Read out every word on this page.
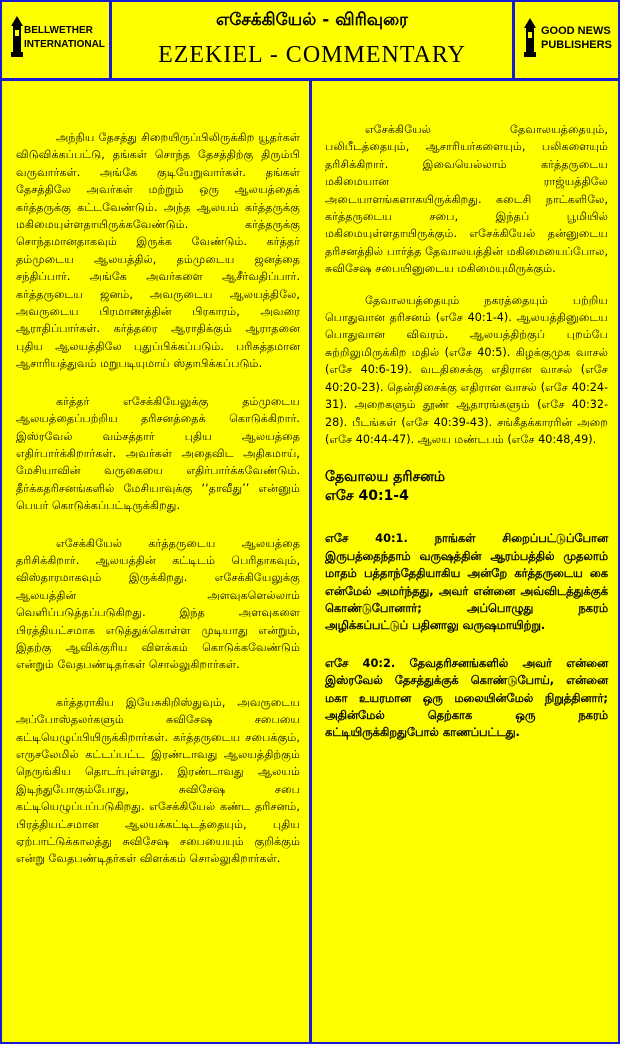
BELLWETHER
INTERNATIONAL
எசேக்கியேல் - விரிவுரை
EZEKIEL - COMMENTARY
GOOD NEWS
PUBLISHERS

அந்நிய தேசத்து சிறையிருப்பிலிருக்கிற யூதர்கள் விடுவிக்கப்பட்டு, தங்கள் சொந்த தேசத்திற்கு திரும்பி வருவார்கள். அங்கே குடியேறுவார்கள். தங்கள் தேசத்திலே அவர்கள் மற்றும் ஒரு ஆலயத்தைக் கர்த்தருக்கு கட்டவேண்டும். அந்த ஆலயம் கர்த்தருக்கு மகிமையுள்ளதாயிருக்கவேண்டும். கர்த்தருக்கு சொந்தமானதாகவும் இருக்க வேண்டும். கர்த்தர் தம்முடைய ஆலயத்தில், தம்முடைய ஜனத்தை சந்திப்பார். அங்கே அவர்களை ஆசீர்வதிப்பார். கர்த்தருடைய ஜனம், அவருடைய ஆலயத்திலே, அவருடைய பிரமாணத்தின் பிரகாரம், அவரை ஆராதிப்பார்கள். கர்த்தரை ஆராதிக்கும் ஆராதனை புதிய ஆலயத்திலே புதுப்பிக்கப்படும். பரிசுத்தமான ஆசாரியத்துவம் மறுபடியுமாய் ஸ்தாபிக்கப்படும்.

கர்த்தர் எசேக்கியேலுக்கு தம்முடைய ஆலயத்தைப்பற்றிய தரிசனத்தைக் கொடுக்கிறார். இஸ்ரவேல் வம்சத்தார் புதிய ஆலயத்தை எதிர்பார்க்கிறார்கள். அவர்கள் அதைவிட அதிகமாய், மேசியாவின் வருகையை எதிர்பார்க்கவேண்டும். தீர்க்கதரிசனங்களில் மேசியாவுக்கு ‘‘தாவீது’’ என்னும் பெயர் கொடுக்கப்பட்டிருக்கிறது.

எசேக்கியேல் கர்த்தருடைய ஆலயத்தை தரிசிக்கிறார். ஆலயத்தின் கட்டிடம் பெரிதாகவும், விஸ்தாரமாகவும் இருக்கிறது. எசேக்கியேலுக்கு ஆலயத்தின் அளவுகளெல்லாம் வெளிப்படுத்தப்படுகிறது. இந்த அளவுகளை பிரத்தியட்சமாக எடுத்துக்கொள்ள முடியாது என்றும், இதற்கு ஆவிக்குரிய விளக்கம் கொடுக்கவேண்டும் என்றும் வேதபண்டிதர்கள் சொல்லுகிறார்கள்.

கர்த்தராகிய இயேசுகிறிஸ்துவும், அவருடைய அப்போஸ்தலர்களும் சுவிசேஷ சபையை கட்டியெழுப்பியிருக்கிறார்கள். கர்த்தருடைய சபைக்கும், எருசலேமில் கட்டப்பட்ட இரண்டாவது ஆலயத்திற்கும் நெருங்கிய தொடர்புள்ளது. இரண்டாவது ஆலயம் இடிந்துபோகும்போது, சுவிசேஷ சபை கட்டியெழுப்பப்படுகிறது. எசேக்கியேல் கண்ட தரிசனம், பிரத்தியட்சமான ஆலயக்கட்டிடத்தையும், புதிய ஏற்பாட்டுக்காலத்து சுவிசேஷ சபையையும் குறிக்கும் என்று வேதபண்டிதர்கள் விளக்கம் சொல்லுகிறார்கள்.

எசேக்கியேல் தேவாலயத்தையும், பலிபீடத்தையும், ஆசாரியர்களையும், பலிகளையும் தரிசிக்கிறார். இவையெல்லாம் கர்த்தருடைய மகிமையான ராஜ்யத்திலே அடையாளங்களாகயிருக்கிறது. கடைசி நாட்களிலே, கர்த்தருடைய சபை, இந்தப் பூமியில் மகிமையுள்ளதாயிருக்கும். எசேக்கியேல் தன்னுடைய தரிசனத்தில் பார்த்த தேவாலயத்தின் மகிமையைப்போல, சுவிசேஷ சபையினுடைய மகிமையுமிருக்கும்.

தேவாலயத்தையும் நகரத்தையும் பற்றிய பொதுவான தரிசனம் (எசே 40:1-4). ஆலயத்தினுடைய பொதுவான விவரம். ஆலயத்திற்குப் புறம்பே சுற்றிலுமிருக்கிற மதில் (எசே 40:5). கிழக்குமுக வாசல் (எசே 40:6-19). வடதிசைக்கு எதிரான வாசல் (எசே 40:20-23). தென்திசைக்கு எதிரான வாசல் (எசே 40:24-31). அறைகளும் தூண் ஆதாரங்களும் (எசே 40:32-28). பீடங்கள் (எசே 40:39-43). சங்கீதக்காரரின் அறை (எசே 40:44-47). ஆலய மண்டபம் (எசே 40:48,49).

தேவாலய தரிசனம்
எசே 40:1-4

எசே 40:1. நாங்கள் சிறைப்பட்டுப்போன இருபத்தைந்தாம் வருஷத்தின் ஆரம்பத்தில் முதலாம் மாதம் பத்தாந்தேதியாகிய அன்றே கர்த்தருடைய கை என்மேல் அமர்ந்தது, அவர் என்னை அவ்விடத்துக்குக் கொண்டுபோனார்; அப்பொழுது நகரம் அழிக்கப்பட்டுப் பதினாலு வருஷமாயிற்று.

எசே 40:2. தேவதரிசனங்களில் அவர் என்னை இஸ்ரவேல் தேசத்துக்குக் கொண்டுபோய், என்னை மகா உயரமான ஒரு மலையின்மேல் நிறுத்தினார்; அதின்மேல் தெற்காக ஒரு நகரம் கட்டியிருக்கிறதுபோல் காணப்பட்டது.
